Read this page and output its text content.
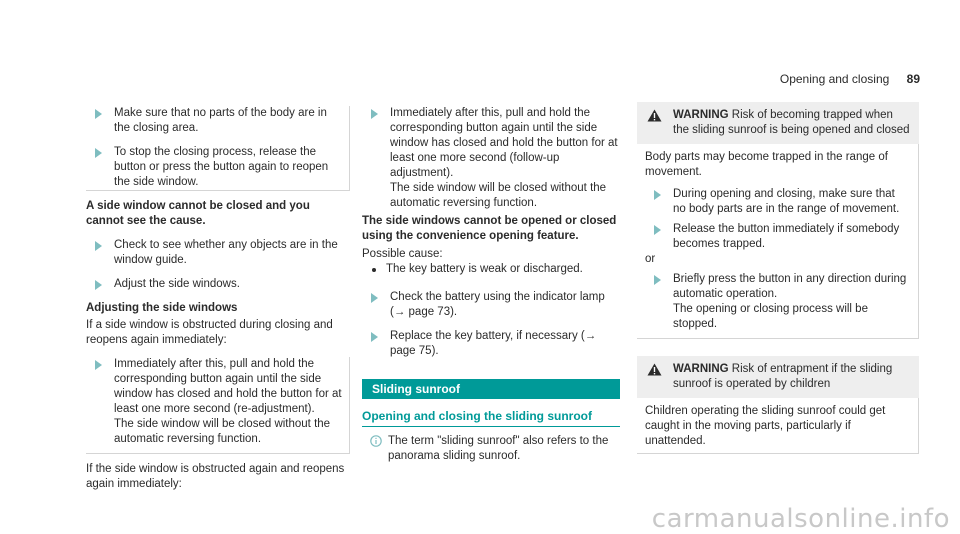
Opening and closing 89

Make sure that no parts of the body are in the closing area.

To stop the closing process, release the button or press the button again to reopen the side window.

A side window cannot be closed and you cannot see the cause.

Check to see whether any objects are in the window guide.

Adjust the side windows.

Adjusting the side windows

If a side window is obstructed during closing and reopens again immediately:

Immediately after this, pull and hold the corresponding button again until the side window has closed and hold the button for at least one more second (re-adjustment).

The side window will be closed without the automatic reversing function.

If the side window is obstructed again and reopens again immediately:

Immediately after this, pull and hold the corresponding button again until the side window has closed and hold the button for at least one more second (follow-up adjustment).

The side window will be closed without the automatic reversing function.

The side windows cannot be opened or closed using the convenience opening feature.

Possible cause:

The key battery is weak or discharged.

Check the battery using the indicator lamp (→ page 73).

Replace the key battery, if necessary (→ page 75).

Sliding sunroof
Opening and closing the sliding sunroof

The term "sliding sunroof" also refers to the panorama sliding sunroof.

WARNING Risk of becoming trapped when the sliding sunroof is being opened and closed

Body parts may become trapped in the range of movement.

During opening and closing, make sure that no body parts are in the range of movement.

Release the button immediately if somebody becomes trapped.

or

Briefly press the button in any direction during automatic operation.

The opening or closing process will be stopped.

WARNING Risk of entrapment if the sliding sunroof is operated by children

Children operating the sliding sunroof could get caught in the moving parts, particularly if unattended.

carmanualsonline.info
